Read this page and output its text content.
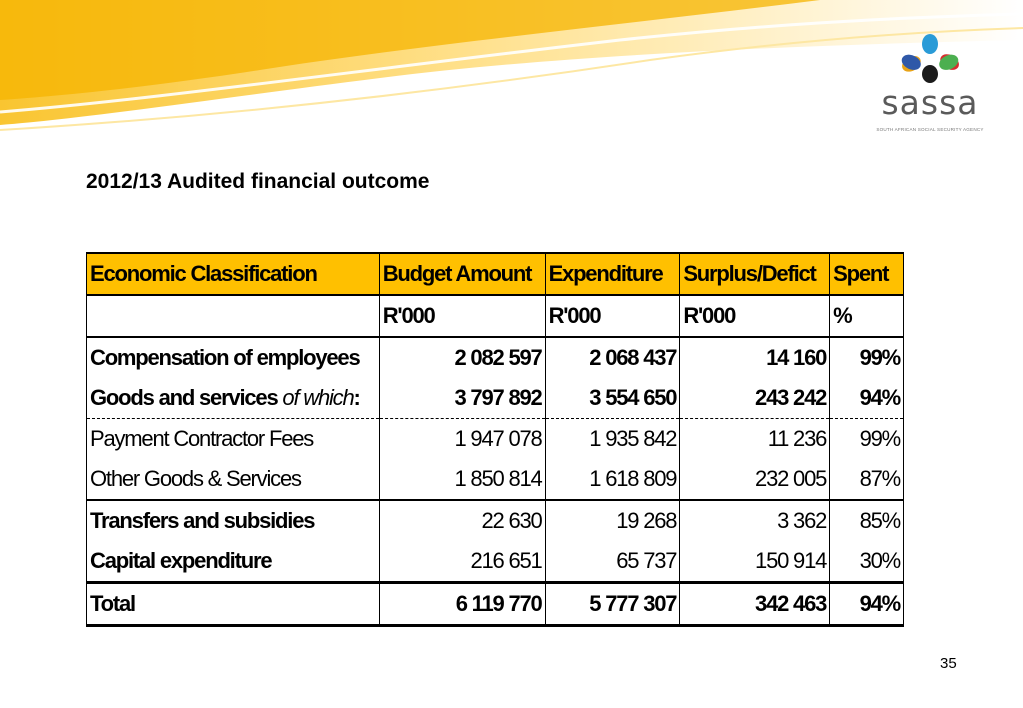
sassa
SOUTH AFRICAN SOCIAL SECURITY AGENCY
2012/13 Audited financial outcome
Economic Classification	Budget Amount	Expenditure	Surplus/Defict	Spent
	R'000	R'000	R'000	%
Compensation of employees	2 082 597	2 068 437	14 160	99%
Goods and services of which:	3 797 892	3 554 650	243 242	94%
Payment Contractor Fees	1 947 078	1 935 842	11 236	99%
Other Goods & Services	1 850 814	1 618 809	232 005	87%
Transfers and subsidies	22 630	19 268	3 362	85%
Capital expenditure	216 651	65 737	150 914	30%
Total	6 119 770	5 777 307	342 463	94%
35
